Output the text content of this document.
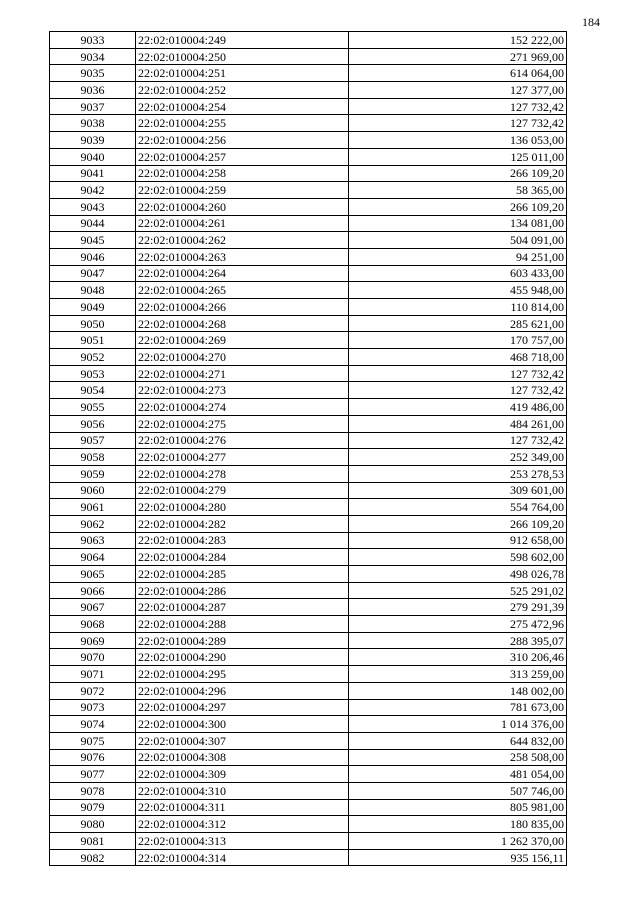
184
9033	22:02:010004:249	152 222,00
9034	22:02:010004:250	271 969,00
9035	22:02:010004:251	614 064,00
9036	22:02:010004:252	127 377,00
9037	22:02:010004:254	127 732,42
9038	22:02:010004:255	127 732,42
9039	22:02:010004:256	136 053,00
9040	22:02:010004:257	125 011,00
9041	22:02:010004:258	266 109,20
9042	22:02:010004:259	58 365,00
9043	22:02:010004:260	266 109,20
9044	22:02:010004:261	134 081,00
9045	22:02:010004:262	504 091,00
9046	22:02:010004:263	94 251,00
9047	22:02:010004:264	603 433,00
9048	22:02:010004:265	455 948,00
9049	22:02:010004:266	110 814,00
9050	22:02:010004:268	285 621,00
9051	22:02:010004:269	170 757,00
9052	22:02:010004:270	468 718,00
9053	22:02:010004:271	127 732,42
9054	22:02:010004:273	127 732,42
9055	22:02:010004:274	419 486,00
9056	22:02:010004:275	484 261,00
9057	22:02:010004:276	127 732,42
9058	22:02:010004:277	252 349,00
9059	22:02:010004:278	253 278,53
9060	22:02:010004:279	309 601,00
9061	22:02:010004:280	554 764,00
9062	22:02:010004:282	266 109,20
9063	22:02:010004:283	912 658,00
9064	22:02:010004:284	598 602,00
9065	22:02:010004:285	498 026,78
9066	22:02:010004:286	525 291,02
9067	22:02:010004:287	279 291,39
9068	22:02:010004:288	275 472,96
9069	22:02:010004:289	288 395,07
9070	22:02:010004:290	310 206,46
9071	22:02:010004:295	313 259,00
9072	22:02:010004:296	148 002,00
9073	22:02:010004:297	781 673,00
9074	22:02:010004:300	1 014 376,00
9075	22:02:010004:307	644 832,00
9076	22:02:010004:308	258 508,00
9077	22:02:010004:309	481 054,00
9078	22:02:010004:310	507 746,00
9079	22:02:010004:311	805 981,00
9080	22:02:010004:312	180 835,00
9081	22:02:010004:313	1 262 370,00
9082	22:02:010004:314	935 156,11
